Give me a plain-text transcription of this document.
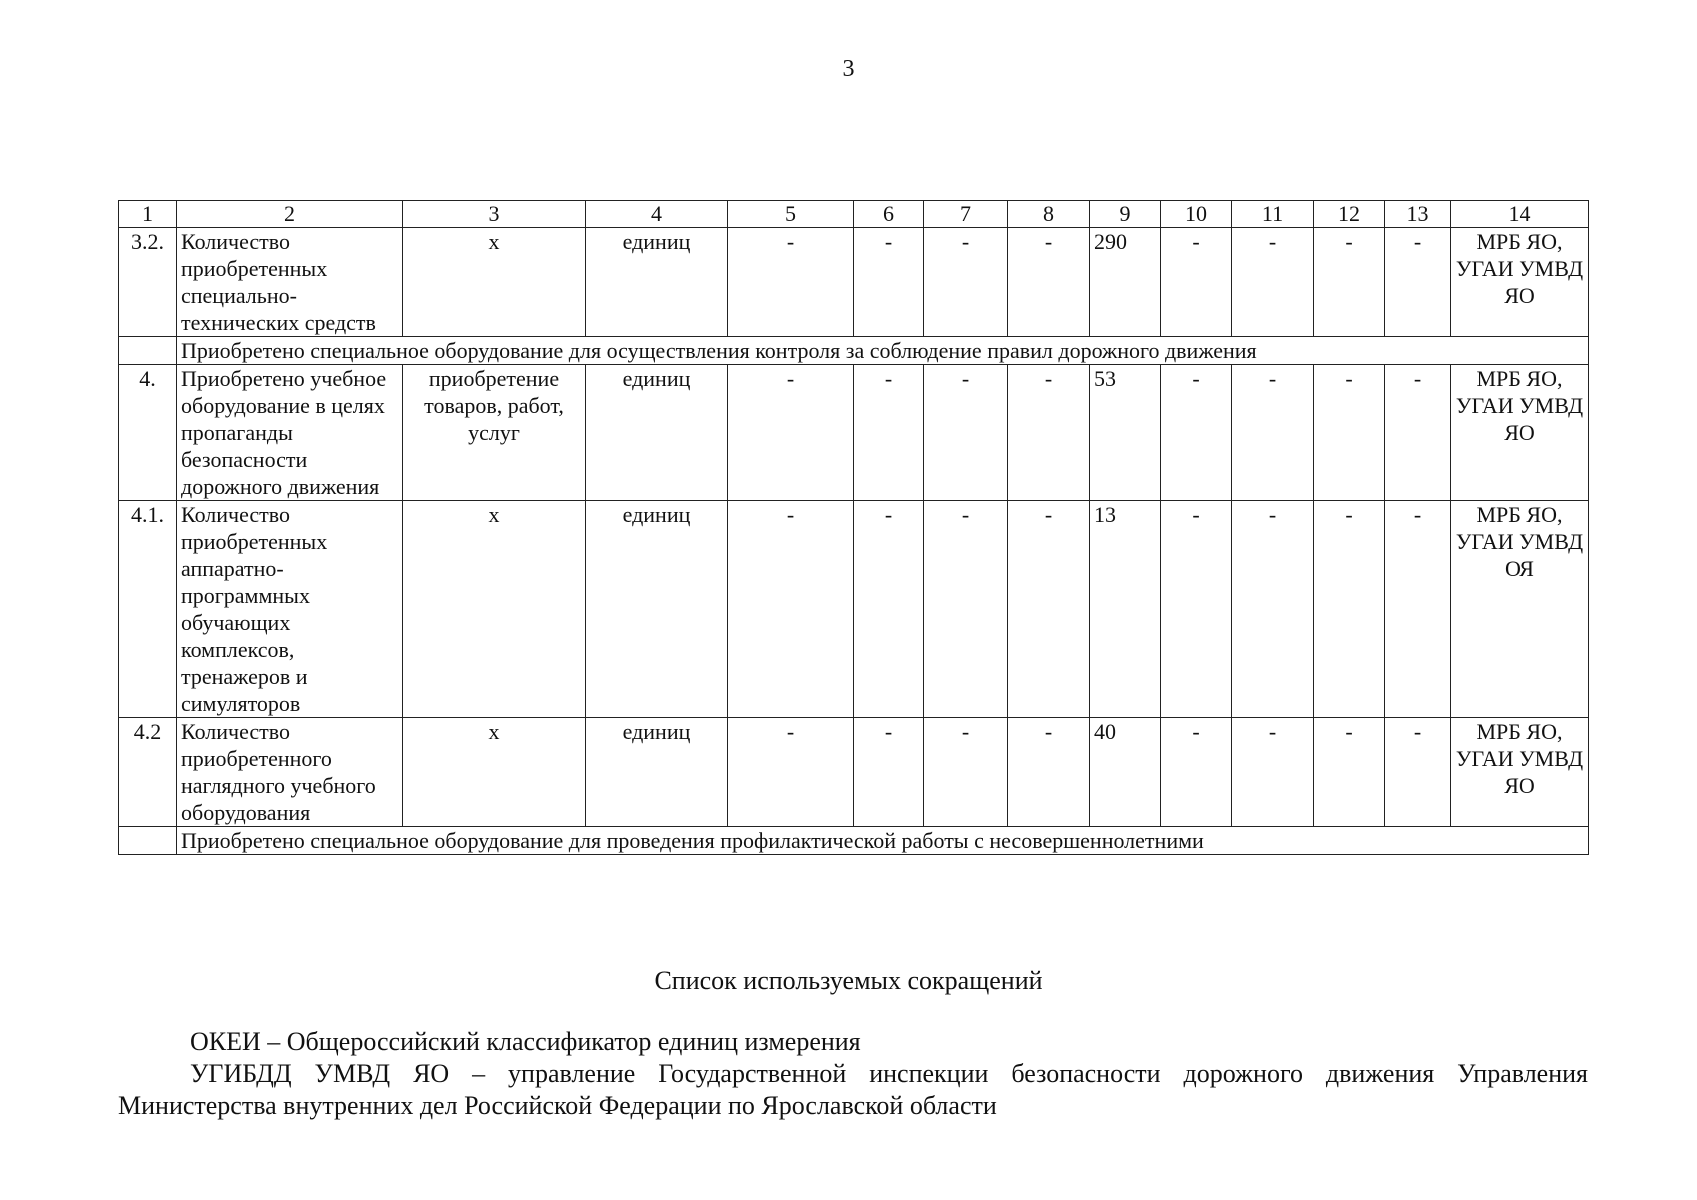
3
1	2	3	4	5	6	7	8	9	10	11	12	13	14
3.2.	Количество приобретенных специально-технических средств	х	единиц	-	-	-	-	290	-	-	-	-	МРБ ЯО, УГАИ УМВД ЯО
	Приобретено специальное оборудование для осуществления контроля за соблюдение правил дорожного движения												
4.	Приобретено учебное оборудование в целях пропаганды безопасности дорожного движения	приобретение товаров, работ, услуг	единиц	-	-	-	-	53	-	-	-	-	МРБ ЯО, УГАИ УМВД ЯО
4.1.	Количество приобретенных аппаратно-программных обучающих комплексов, тренажеров и симуляторов	х	единиц	-	-	-	-	13	-	-	-	-	МРБ ЯО, УГАИ УМВД ОЯ
4.2	Количество приобретенного наглядного учебного оборудования	х	единиц	-	-	-	-	40	-	-	-	-	МРБ ЯО, УГАИ УМВД ЯО
	Приобретено специальное оборудование для проведения профилактической работы с несовершеннолетними												
Список используемых сокращений
ОКЕИ – Общероссийский классификатор единиц измерения
УГИБДД УМВД ЯО – управление Государственной инспекции безопасности дорожного движения Управления Министерства внутренних дел Российской Федерации по Ярославской области
